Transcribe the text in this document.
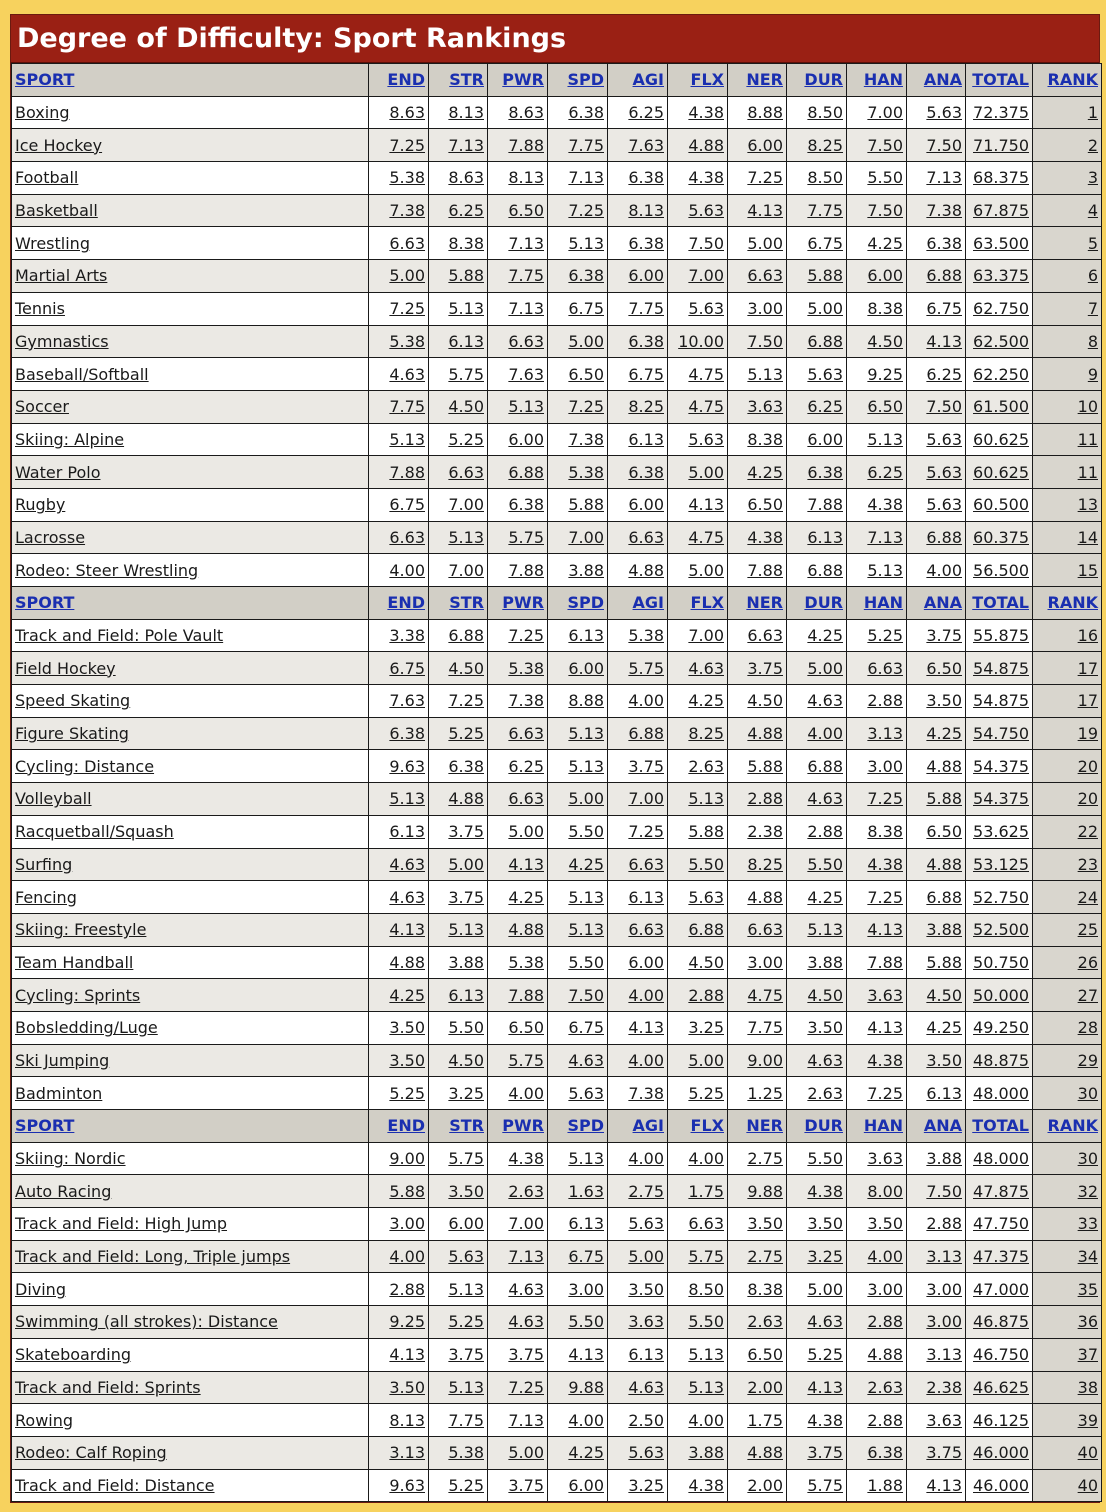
Degree of Difficulty: Sport Rankings
SPORT	END	STR	PWR	SPD	AGI	FLX	NER	DUR	HAN	ANA	TOTAL	RANK
Boxing	8.63	8.13	8.63	6.38	6.25	4.38	8.88	8.50	7.00	5.63	72.375	1
Ice Hockey	7.25	7.13	7.88	7.75	7.63	4.88	6.00	8.25	7.50	7.50	71.750	2
Football	5.38	8.63	8.13	7.13	6.38	4.38	7.25	8.50	5.50	7.13	68.375	3
Basketball	7.38	6.25	6.50	7.25	8.13	5.63	4.13	7.75	7.50	7.38	67.875	4
Wrestling	6.63	8.38	7.13	5.13	6.38	7.50	5.00	6.75	4.25	6.38	63.500	5
Martial Arts	5.00	5.88	7.75	6.38	6.00	7.00	6.63	5.88	6.00	6.88	63.375	6
Tennis	7.25	5.13	7.13	6.75	7.75	5.63	3.00	5.00	8.38	6.75	62.750	7
Gymnastics	5.38	6.13	6.63	5.00	6.38	10.00	7.50	6.88	4.50	4.13	62.500	8
Baseball/Softball	4.63	5.75	7.63	6.50	6.75	4.75	5.13	5.63	9.25	6.25	62.250	9
Soccer	7.75	4.50	5.13	7.25	8.25	4.75	3.63	6.25	6.50	7.50	61.500	10
Skiing: Alpine	5.13	5.25	6.00	7.38	6.13	5.63	8.38	6.00	5.13	5.63	60.625	11
Water Polo	7.88	6.63	6.88	5.38	6.38	5.00	4.25	6.38	6.25	5.63	60.625	11
Rugby	6.75	7.00	6.38	5.88	6.00	4.13	6.50	7.88	4.38	5.63	60.500	13
Lacrosse	6.63	5.13	5.75	7.00	6.63	4.75	4.38	6.13	7.13	6.88	60.375	14
Rodeo: Steer Wrestling	4.00	7.00	7.88	3.88	4.88	5.00	7.88	6.88	5.13	4.00	56.500	15
SPORT	END	STR	PWR	SPD	AGI	FLX	NER	DUR	HAN	ANA	TOTAL	RANK
Track and Field: Pole Vault	3.38	6.88	7.25	6.13	5.38	7.00	6.63	4.25	5.25	3.75	55.875	16
Field Hockey	6.75	4.50	5.38	6.00	5.75	4.63	3.75	5.00	6.63	6.50	54.875	17
Speed Skating	7.63	7.25	7.38	8.88	4.00	4.25	4.50	4.63	2.88	3.50	54.875	17
Figure Skating	6.38	5.25	6.63	5.13	6.88	8.25	4.88	4.00	3.13	4.25	54.750	19
Cycling: Distance	9.63	6.38	6.25	5.13	3.75	2.63	5.88	6.88	3.00	4.88	54.375	20
Volleyball	5.13	4.88	6.63	5.00	7.00	5.13	2.88	4.63	7.25	5.88	54.375	20
Racquetball/Squash	6.13	3.75	5.00	5.50	7.25	5.88	2.38	2.88	8.38	6.50	53.625	22
Surfing	4.63	5.00	4.13	4.25	6.63	5.50	8.25	5.50	4.38	4.88	53.125	23
Fencing	4.63	3.75	4.25	5.13	6.13	5.63	4.88	4.25	7.25	6.88	52.750	24
Skiing: Freestyle	4.13	5.13	4.88	5.13	6.63	6.88	6.63	5.13	4.13	3.88	52.500	25
Team Handball	4.88	3.88	5.38	5.50	6.00	4.50	3.00	3.88	7.88	5.88	50.750	26
Cycling: Sprints	4.25	6.13	7.88	7.50	4.00	2.88	4.75	4.50	3.63	4.50	50.000	27
Bobsledding/Luge	3.50	5.50	6.50	6.75	4.13	3.25	7.75	3.50	4.13	4.25	49.250	28
Ski Jumping	3.50	4.50	5.75	4.63	4.00	5.00	9.00	4.63	4.38	3.50	48.875	29
Badminton	5.25	3.25	4.00	5.63	7.38	5.25	1.25	2.63	7.25	6.13	48.000	30
SPORT	END	STR	PWR	SPD	AGI	FLX	NER	DUR	HAN	ANA	TOTAL	RANK
Skiing: Nordic	9.00	5.75	4.38	5.13	4.00	4.00	2.75	5.50	3.63	3.88	48.000	30
Auto Racing	5.88	3.50	2.63	1.63	2.75	1.75	9.88	4.38	8.00	7.50	47.875	32
Track and Field: High Jump	3.00	6.00	7.00	6.13	5.63	6.63	3.50	3.50	3.50	2.88	47.750	33
Track and Field: Long, Triple jumps	4.00	5.63	7.13	6.75	5.00	5.75	2.75	3.25	4.00	3.13	47.375	34
Diving	2.88	5.13	4.63	3.00	3.50	8.50	8.38	5.00	3.00	3.00	47.000	35
Swimming (all strokes): Distance	9.25	5.25	4.63	5.50	3.63	5.50	2.63	4.63	2.88	3.00	46.875	36
Skateboarding	4.13	3.75	3.75	4.13	6.13	5.13	6.50	5.25	4.88	3.13	46.750	37
Track and Field: Sprints	3.50	5.13	7.25	9.88	4.63	5.13	2.00	4.13	2.63	2.38	46.625	38
Rowing	8.13	7.75	7.13	4.00	2.50	4.00	1.75	4.38	2.88	3.63	46.125	39
Rodeo: Calf Roping	3.13	5.38	5.00	4.25	5.63	3.88	4.88	3.75	6.38	3.75	46.000	40
Track and Field: Distance	9.63	5.25	3.75	6.00	3.25	4.38	2.00	5.75	1.88	4.13	46.000	40
